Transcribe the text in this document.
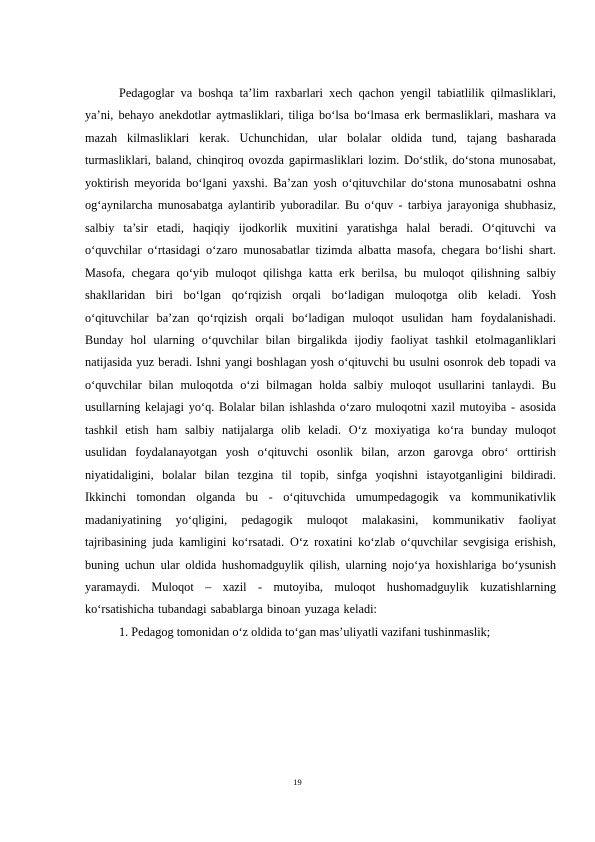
Pedagoglar va boshqa ta’lim raxbarlari xech qachon yengil tabiatlilik qilmasliklari, ya’ni, behayo anekdotlar aytmasliklari, tiliga bo‘lsa bo‘lmasa erk bermasliklari, mashara va mazah kilmasliklari kerak. Uchunchidan, ular bolalar oldida tund, tajang basharada turmasliklari, baland, chinqiroq ovozda gapirmasliklari lozim. Do‘stlik, do‘stona munosabat, yoktirish meyorida bo‘lgani yaxshi. Ba’zan yosh o‘qituvchilar do‘stona munosabatni oshna og‘aynilarcha munosabatga aylantirib yuboradilar. Bu o‘quv - tarbiya jarayoniga shubhasiz, salbiy ta’sir etadi, haqiqiy ijodkorlik muxitini yaratishga halal beradi. O‘qituvchi va o‘quvchilar o‘rtasidagi o‘zaro munosabatlar tizimda albatta masofa, chegara bo‘lishi shart. Masofa, chegara qo‘yib muloqot qilishga katta erk berilsa, bu muloqot qilishning salbiy shakllaridan biri bo‘lgan qo‘rqizish orqali bo‘ladigan muloqotga olib keladi. Yosh o‘qituvchilar ba’zan qo‘rqizish orqali bo‘ladigan muloqot usulidan ham foydalanishadi. Bunday hol ularning o‘quvchilar bilan birgalikda ijodiy faoliyat tashkil etolmaganliklari natijasida yuz beradi. Ishni yangi boshlagan yosh o‘qituvchi bu usulni osonrok deb topadi va o‘quvchilar bilan muloqotda o‘zi bilmagan holda salbiy muloqot usullarini tanlaydi. Bu usullarning kelajagi yo‘q. Bolalar bilan ishlashda o‘zaro muloqotni xazil mutoyiba - asosida tashkil etish ham salbiy natijalarga olib keladi. O‘z moxiyatiga ko‘ra bunday muloqot usulidan foydalanayotgan yosh o‘qituvchi osonlik bilan, arzon garovga obro‘ orttirish niyatidaligini, bolalar bilan tezgina til topib, sinfga yoqishni istayotganligini bildiradi. Ikkinchi tomondan olganda bu - o‘qituvchida umumpedagogik va kommunikativlik madaniyatining yo‘qligini, pedagogik muloqot malakasini, kommunikativ faoliyat tajribasining juda kamligini ko‘rsatadi. O‘z roxatini ko‘zlab o‘quvchilar sevgisiga erishish, buning uchun ular oldida hushomadguylik qilish, ularning nojo‘ya hoxishlariga bo‘ysunish yaramaydi. Muloqot – xazil - mutoyiba, muloqot hushomadguylik kuzatishlarning ko‘rsatishicha tubandagi sabablarga binoan yuzaga keladi:

1. Pedagog tomonidan o‘z oldida to‘gan mas’uliyatli vazifani tushinmaslik;
19
